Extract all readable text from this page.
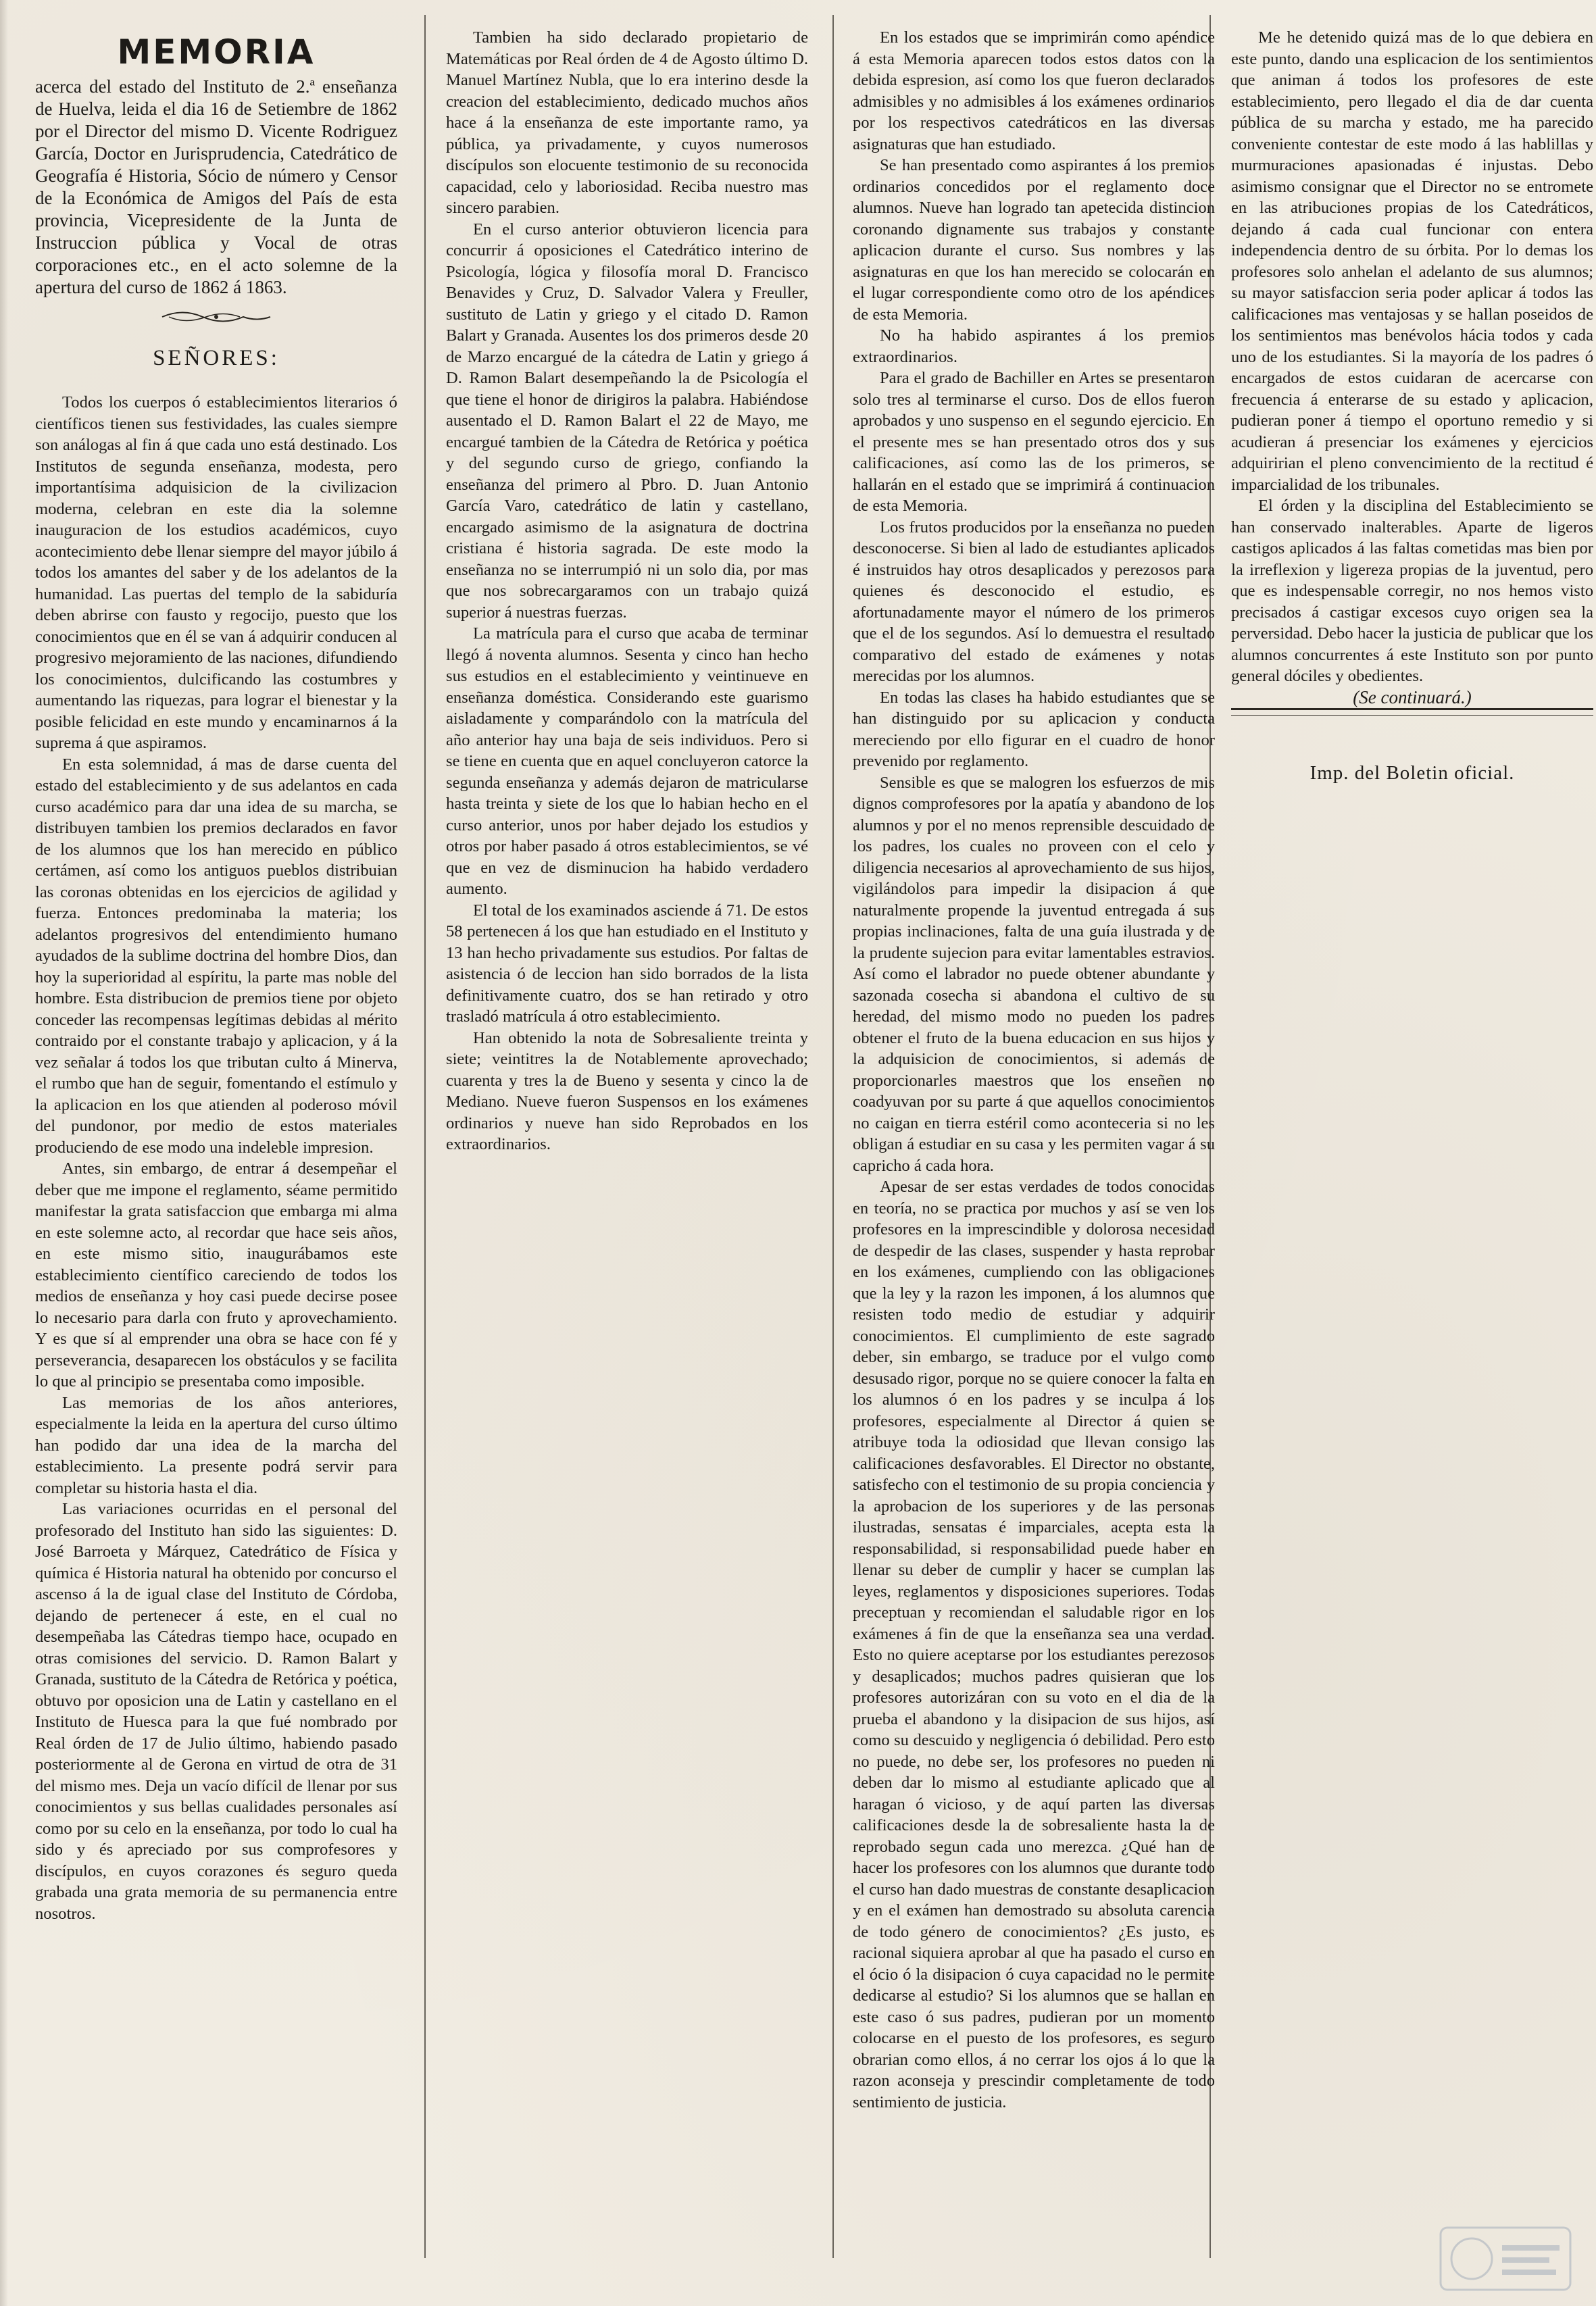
MEMORIA
acerca del estado del Instituto de 2.ª enseñanza de Huelva, leida el dia 16 de Setiembre de 1862 por el Director del mismo D. Vicente Rodriguez García, Doctor en Jurisprudencia, Catedrático de Geografía é Historia, Sócio de número y Censor de la Económica de Amigos del País de esta provincia, Vicepresidente de la Junta de Instruccion pública y Vocal de otras corporaciones etc., en el acto solemne de la apertura del curso de 1862 á 1863.
SEÑORES:

Todos los cuerpos ó establecimientos literarios ó científicos tienen sus festividades, las cuales siempre son análogas al fin á que cada uno está destinado. Los Institutos de segunda enseñanza, modesta, pero importantísima adquisicion de la civilizacion moderna, celebran en este dia la solemne inauguracion de los estudios académicos, cuyo acontecimiento debe llenar siempre del mayor júbilo á todos los amantes del saber y de los adelantos de la humanidad. Las puertas del templo de la sabiduría deben abrirse con fausto y regocijo, puesto que los conocimientos que en él se van á adquirir conducen al progresivo mejoramiento de las naciones, difundiendo los conocimientos, dulcificando las costumbres y aumentando las riquezas, para lograr el bienestar y la posible felicidad en este mundo y encaminarnos á la suprema á que aspiramos.

En esta solemnidad, á mas de darse cuenta del estado del establecimiento y de sus adelantos en cada curso académico para dar una idea de su marcha, se distribuyen tambien los premios declarados en favor de los alumnos que los han merecido en público certámen, así como los antiguos pueblos distribuian las coronas obtenidas en los ejercicios de agilidad y fuerza. Entonces predominaba la materia; los adelantos progresivos del entendimiento humano ayudados de la sublime doctrina del hombre Dios, dan hoy la superioridad al espíritu, la parte mas noble del hombre. Esta distribucion de premios tiene por objeto conceder las recompensas legítimas debidas al mérito contraido por el constante trabajo y aplicacion, y á la vez señalar á todos los que tributan culto á Minerva, el rumbo que han de seguir, fomentando el estímulo y la aplicacion en los que atienden al poderoso móvil del pundonor, por medio de estos materiales produciendo de ese modo una indeleble impresion.

Antes, sin embargo, de entrar á desempeñar el deber que me impone el reglamento, séame permitido manifestar la grata satisfaccion que embarga mi alma en este solemne acto, al recordar que hace seis años, en este mismo sitio, inaugurábamos este establecimiento científico careciendo de todos los medios de enseñanza y hoy casi puede decirse posee lo necesario para darla con fruto y aprovechamiento. Y es que sí al emprender una obra se hace con fé y perseverancia, desaparecen los obstáculos y se facilita lo que al principio se presentaba como imposible.

Las memorias de los años anteriores, especialmente la leida en la apertura del curso último han podido dar una idea de la marcha del establecimiento. La presente podrá servir para completar su historia hasta el dia.

Las variaciones ocurridas en el personal del profesorado del Instituto han sido las siguientes: D. José Barroeta y Márquez, Catedrático de Física y química é Historia natural ha obtenido por concurso el ascenso á la de igual clase del Instituto de Córdoba, dejando de pertenecer á este, en el cual no desempeñaba las Cátedras tiempo hace, ocupado en otras comisiones del servicio. D. Ramon Balart y Granada, sustituto de la Cátedra de Retórica y poética, obtuvo por oposicion una de Latin y castellano en el Instituto de Huesca para la que fué nombrado por Real órden de 17 de Julio último, habiendo pasado posteriormente al de Gerona en virtud de otra de 31 del mismo mes. Deja un vacío difícil de llenar por sus conocimientos y sus bellas cualidades personales así como por su celo en la enseñanza, por todo lo cual ha sido y és apreciado por sus comprofesores y discípulos, en cuyos corazones és seguro queda grabada una grata memoria de su permanencia entre nosotros.

Tambien ha sido declarado propietario de Matemáticas por Real órden de 4 de Agosto último D. Manuel Martínez Nubla, que lo era interino desde la creacion del establecimiento, dedicado muchos años hace á la enseñanza de este importante ramo, ya pública, ya privadamente, y cuyos numerosos discípulos son elocuente testimonio de su reconocida capacidad, celo y laboriosidad. Reciba nuestro mas sincero parabien.

En el curso anterior obtuvieron licencia para concurrir á oposiciones el Catedrático interino de Psicología, lógica y filosofía moral D. Francisco Benavides y Cruz, D. Salvador Valera y Freuller, sustituto de Latin y griego y el citado D. Ramon Balart y Granada. Ausentes los dos primeros desde 20 de Marzo encargué de la cátedra de Latin y griego á D. Ramon Balart desempeñando la de Psicología el que tiene el honor de dirigiros la palabra. Habiéndose ausentado el D. Ramon Balart el 22 de Mayo, me encargué tambien de la Cátedra de Retórica y poética y del segundo curso de griego, confiando la enseñanza del primero al Pbro. D. Juan Antonio García Varo, catedrático de latin y castellano, encargado asimismo de la asignatura de doctrina cristiana é historia sagrada. De este modo la enseñanza no se interrumpió ni un solo dia, por mas que nos sobrecargaramos con un trabajo quizá superior á nuestras fuerzas.

La matrícula para el curso que acaba de terminar llegó á noventa alumnos. Sesenta y cinco han hecho sus estudios en el establecimiento y veintinueve en enseñanza doméstica. Considerando este guarismo aisladamente y comparándolo con la matrícula del año anterior hay una baja de seis individuos. Pero si se tiene en cuenta que en aquel concluyeron catorce la segunda enseñanza y además dejaron de matricularse hasta treinta y siete de los que lo habian hecho en el curso anterior, unos por haber dejado los estudios y otros por haber pasado á otros establecimientos, se vé que en vez de disminucion ha habido verdadero aumento.

El total de los examinados asciende á 71. De estos 58 pertenecen á los que han estudiado en el Instituto y 13 han hecho privadamente sus estudios. Por faltas de asistencia ó de leccion han sido borrados de la lista definitivamente cuatro, dos se han retirado y otro trasladó matrícula á otro establecimiento.

Han obtenido la nota de Sobresaliente treinta y siete; veintitres la de Notablemente aprovechado; cuarenta y tres la de Bueno y sesenta y cinco la de Mediano. Nueve fueron Suspensos en los exámenes ordinarios y nueve han sido Reprobados en los extraordinarios.

En los estados que se imprimirán como apéndice á esta Memoria aparecen todos estos datos con la debida espresion, así como los que fueron declarados admisibles y no admisibles á los exámenes ordinarios por los respectivos catedráticos en las diversas asignaturas que han estudiado.

Se han presentado como aspirantes á los premios ordinarios concedidos por el reglamento doce alumnos. Nueve han logrado tan apetecida distincion coronando dignamente sus trabajos y constante aplicacion durante el curso. Sus nombres y las asignaturas en que los han merecido se colocarán en el lugar correspondiente como otro de los apéndices de esta Memoria.

No ha habido aspirantes á los premios extraordinarios.

Para el grado de Bachiller en Artes se presentaron solo tres al terminarse el curso. Dos de ellos fueron aprobados y uno suspenso en el segundo ejercicio. En el presente mes se han presentado otros dos y sus calificaciones, así como las de los primeros, se hallarán en el estado que se imprimirá á continuacion de esta Memoria.

Los frutos producidos por la enseñanza no pueden desconocerse. Si bien al lado de estudiantes aplicados é instruidos hay otros desaplicados y perezosos para quienes és desconocido el estudio, es afortunadamente mayor el número de los primeros que el de los segundos. Así lo demuestra el resultado comparativo del estado de exámenes y notas merecidas por los alumnos.

En todas las clases ha habido estudiantes que se han distinguido por su aplicacion y conducta mereciendo por ello figurar en el cuadro de honor prevenido por reglamento.

Sensible es que se malogren los esfuerzos de mis dignos comprofesores por la apatía y abandono de los alumnos y por el no menos reprensible descuidado de los padres, los cuales no proveen con el celo y diligencia necesarios al aprovechamiento de sus hijos, vigilándolos para impedir la disipacion á que naturalmente propende la juventud entregada á sus propias inclinaciones, falta de una guía ilustrada y de la prudente sujecion para evitar lamentables estravios. Así como el labrador no puede obtener abundante y sazonada cosecha si abandona el cultivo de su heredad, del mismo modo no pueden los padres obtener el fruto de la buena educacion en sus hijos y la adquisicion de conocimientos, si además de proporcionarles maestros que los enseñen no coadyuvan por su parte á que aquellos conocimientos no caigan en tierra estéril como aconteceria si no les obligan á estudiar en su casa y les permiten vagar á su capricho á cada hora.

Apesar de ser estas verdades de todos conocidas en teoría, no se practica por muchos y así se ven los profesores en la imprescindible y dolorosa necesidad de despedir de las clases, suspender y hasta reprobar en los exámenes, cumpliendo con las obligaciones que la ley y la razon les imponen, á los alumnos que resisten todo medio de estudiar y adquirir conocimientos. El cumplimiento de este sagrado deber, sin embargo, se traduce por el vulgo como desusado rigor, porque no se quiere conocer la falta en los alumnos ó en los padres y se inculpa á los profesores, especialmente al Director á quien se atribuye toda la odiosidad que llevan consigo las calificaciones desfavorables. El Director no obstante, satisfecho con el testimonio de su propia conciencia y la aprobacion de los superiores y de las personas ilustradas, sensatas é imparciales, acepta esta la responsabilidad, si responsabilidad puede haber en llenar su deber de cumplir y hacer se cumplan las leyes, reglamentos y disposiciones superiores. Todas preceptuan y recomiendan el saludable rigor en los exámenes á fin de que la enseñanza sea una verdad. Esto no quiere aceptarse por los estudiantes perezosos y desaplicados; muchos padres quisieran que los profesores autorizáran con su voto en el dia de la prueba el abandono y la disipacion de sus hijos, así como su descuido y negligencia ó debilidad. Pero esto no puede, no debe ser, los profesores no pueden ni deben dar lo mismo al estudiante aplicado que al haragan ó vicioso, y de aquí parten las diversas calificaciones desde la de sobresaliente hasta la de reprobado segun cada uno merezca. ¿Qué han de hacer los profesores con los alumnos que durante todo el curso han dado muestras de constante desaplicacion y en el exámen han demostrado su absoluta carencia de todo género de conocimientos? ¿Es justo, es racional siquiera aprobar al que ha pasado el curso en el ócio ó la disipacion ó cuya capacidad no le permite dedicarse al estudio? Si los alumnos que se hallan en este caso ó sus padres, pudieran por un momento colocarse en el puesto de los profesores, es seguro obrarian como ellos, á no cerrar los ojos á lo que la razon aconseja y prescindir completamente de todo sentimiento de justicia.

Me he detenido quizá mas de lo que debiera en este punto, dando una esplicacion de los sentimientos que animan á todos los profesores de este establecimiento, pero llegado el dia de dar cuenta pública de su marcha y estado, me ha parecido conveniente contestar de este modo á las hablillas y murmuraciones apasionadas é injustas. Debo asimismo consignar que el Director no se entromete en las atribuciones propias de los Catedráticos, dejando á cada cual funcionar con entera independencia dentro de su órbita. Por lo demas los profesores solo anhelan el adelanto de sus alumnos; su mayor satisfaccion seria poder aplicar á todos las calificaciones mas ventajosas y se hallan poseidos de los sentimientos mas benévolos hácia todos y cada uno de los estudiantes. Si la mayoría de los padres ó encargados de estos cuidaran de acercarse con frecuencia á enterarse de su estado y aplicacion, pudieran poner á tiempo el oportuno remedio y si acudieran á presenciar los exámenes y ejercicios adquiririan el pleno convencimiento de la rectitud é imparcialidad de los tribunales.

El órden y la disciplina del Establecimiento se han conservado inalterables. Aparte de ligeros castigos aplicados á las faltas cometidas mas bien por la irreflexion y ligereza propias de la juventud, pero que es indespensable corregir, no nos hemos visto precisados á castigar excesos cuyo origen sea la perversidad. Debo hacer la justicia de publicar que los alumnos concurrentes á este Instituto son por punto general dóciles y obedientes.

(Se continuará.)

Imp. del Boletin oficial.
